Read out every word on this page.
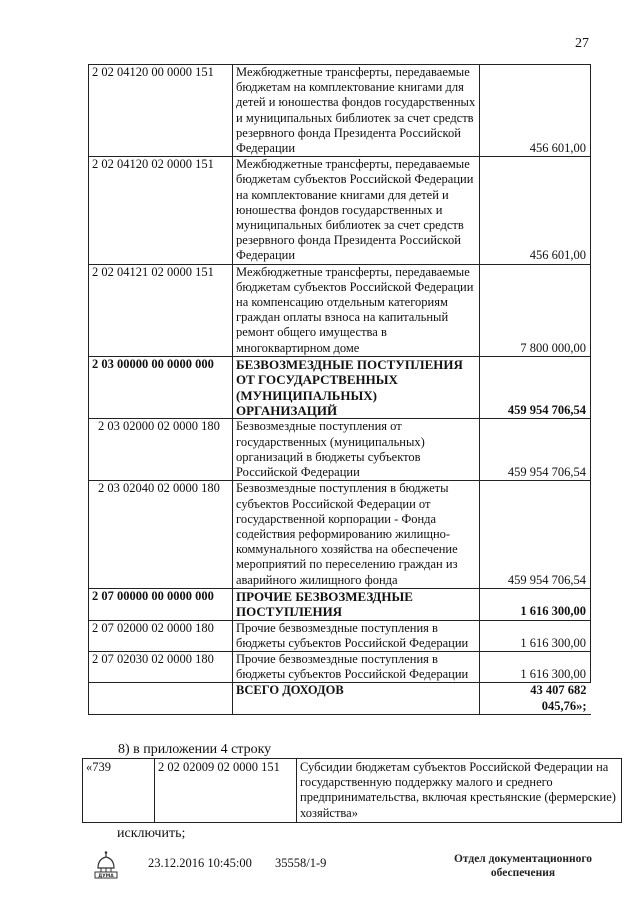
27
2 02 04120 00 0000 151	Межбюджетные трансферты, передаваемые бюджетам на комплектование книгами для детей и юношества фондов государственных и муниципальных библиотек за счет средств резервного фонда Президента Российской Федерации	456 601,00
2 02 04120 02 0000 151	Межбюджетные трансферты, передаваемые бюджетам субъектов Российской Федерации на комплектование книгами для детей и юношества фондов государственных и муниципальных библиотек за счет средств резервного фонда Президента Российской Федерации	456 601,00
2 02 04121 02 0000 151	Межбюджетные трансферты, передаваемые бюджетам субъектов Российской Федерации на компенсацию отдельным категориям граждан оплаты взноса на капитальный ремонт общего имущества в многоквартирном доме	7 800 000,00
2 03 00000 00 0000 000	БЕЗВОЗМЕЗДНЫЕ ПОСТУПЛЕНИЯ ОТ ГОСУДАРСТВЕННЫХ (МУНИЦИПАЛЬНЫХ) ОРГАНИЗАЦИЙ	459 954 706,54
2 03 02000 02 0000 180	Безвозмездные поступления от государственных (муниципальных) организаций в бюджеты субъектов Российской Федерации	459 954 706,54
2 03 02040 02 0000 180	Безвозмездные поступления в бюджеты субъектов Российской Федерации от государственной корпорации - Фонда содействия реформированию жилищно-коммунального хозяйства на обеспечение мероприятий по переселению граждан из аварийного жилищного фонда	459 954 706,54
2 07 00000 00 0000 000	ПРОЧИЕ БЕЗВОЗМЕЗДНЫЕ ПОСТУПЛЕНИЯ	1 616 300,00
2 07 02000 02 0000 180	Прочие безвозмездные поступления в бюджеты субъектов Российской Федерации	1 616 300,00
2 07 02030 02 0000 180	Прочие безвозмездные поступления в бюджеты субъектов Российской Федерации	1 616 300,00
	ВСЕГО ДОХОДОВ	43 407 682 045,76»;
8) в приложении 4 строку
«739	2 02 02009 02 0000 151	Субсидии бюджетам субъектов Российской Федерации на государственную поддержку малого и среднего предпринимательства, включая крестьянские (фермерские) хозяйства»
исключить;
ДУМА
23.12.2016 10:45:00 35558/1-9	Отдел документационного
обеспечения
